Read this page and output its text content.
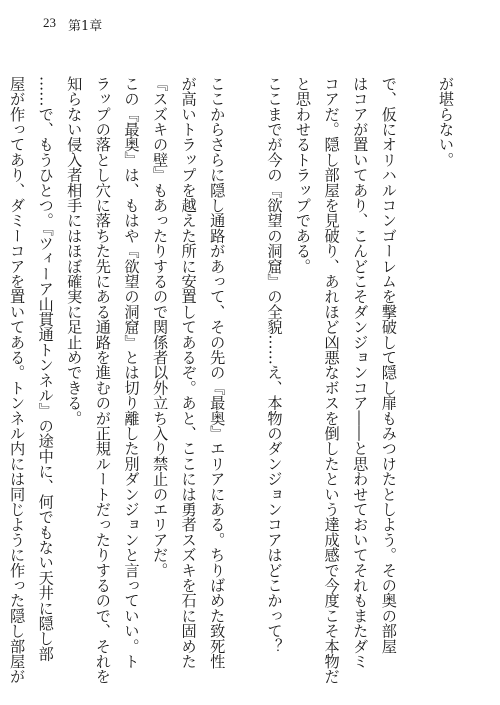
23 第1章
が堪らない。
で、仮にオリハルコンゴーレムを撃破して隠し扉もみつけたとしよう。その奥の部屋
はコアが置いてあり、こんどこそダンジョンコア――と思わせておいてそれもまたダミ
コアだ。隠し部屋を見破り、あれほど凶悪なボスを倒したという達成感で今度こそ本物だ
と思わせるトラップである。
ここまでが今の『欲望の洞窟』の全貌……え、本物のダンジョンコアはどこかって？
ここからさらに隠し通路があって、その先の『最奥』エリアにある。ちりばめた致死性
が高いトラップを越えた所に安置してあるぞ。あと、ここには勇者スズキを石に固めた
『スズキの壁』もあったりするので関係者以外立ち入り禁止のエリアだ。
この『最奥』は、もはや『欲望の洞窟』とは切り離した別ダンジョンと言っていい。ト
ラップの落とし穴に落ちた先にある通路を進むのが正規ルートだったりするので、それを
知らない侵入者相手にはほぼ確実に足止めできる。
……で、もうひとつ。『ツィーア山貫通トンネル』の途中に、何でもない天井に隠し部
屋が作ってあり、ダミーコアを置いてある。トンネル内には同じように作った隠し部屋が
